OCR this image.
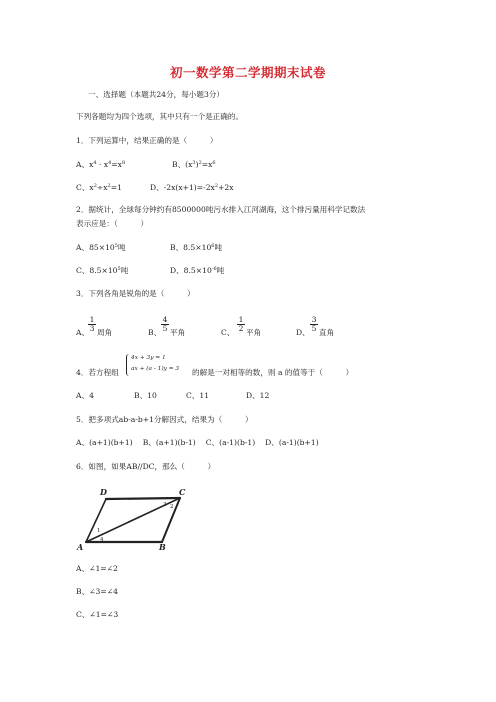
初一数学第二学期期末试卷
一、选择题（本题共24分，每小题3分）
下列各题均为四个选项，其中只有一个是正确的。
1．下列运算中，结果正确的是（　　　）
A、$x^4 \cdot x^4=x^8$	B、$(x^3)^2=x^6$
C、$x^2\div x^2=1$	D、$-2x(x+1)=-2x^2+2x$
2．据统计，全球每分钟约有8500000吨污水排入江河湖海，这个排污量用科学记数法
表示应是：（　　　）
A、$85\times 10^5$吨	B、$8.5\times 10^6$吨
C、$8.5\times 10^5$吨	D、$8.5\times 10^{-6}$吨
3．下列各角是锐角的是（　　　）
A、
$\frac{1}{3}$ 周角	B、 $\frac{4}{5}$ 平角	C、 $\frac{1}{2}$ 平角	D、 $\frac{3}{5}$ 直角
4．若方程组
4x + 3y = 1
ax + (a - 1)y = 3 的解是一对相等的数，则 a 的值等于（　　　）
A、4	B、10	C、11	D、12
5．把多项式ab-a-b+1分解因式，结果为（　　　）
A、(a+1)(b+1)　 B、(a+1)(b-1)　 C、(a-1)(b-1)　 D、(a-1)(b+1)
6．如图，如果AB//DC，那么（　　　）
D	C
A	B
1
2
3
4
A、∠1=∠2
B、∠3=∠4
C、∠1=∠3
